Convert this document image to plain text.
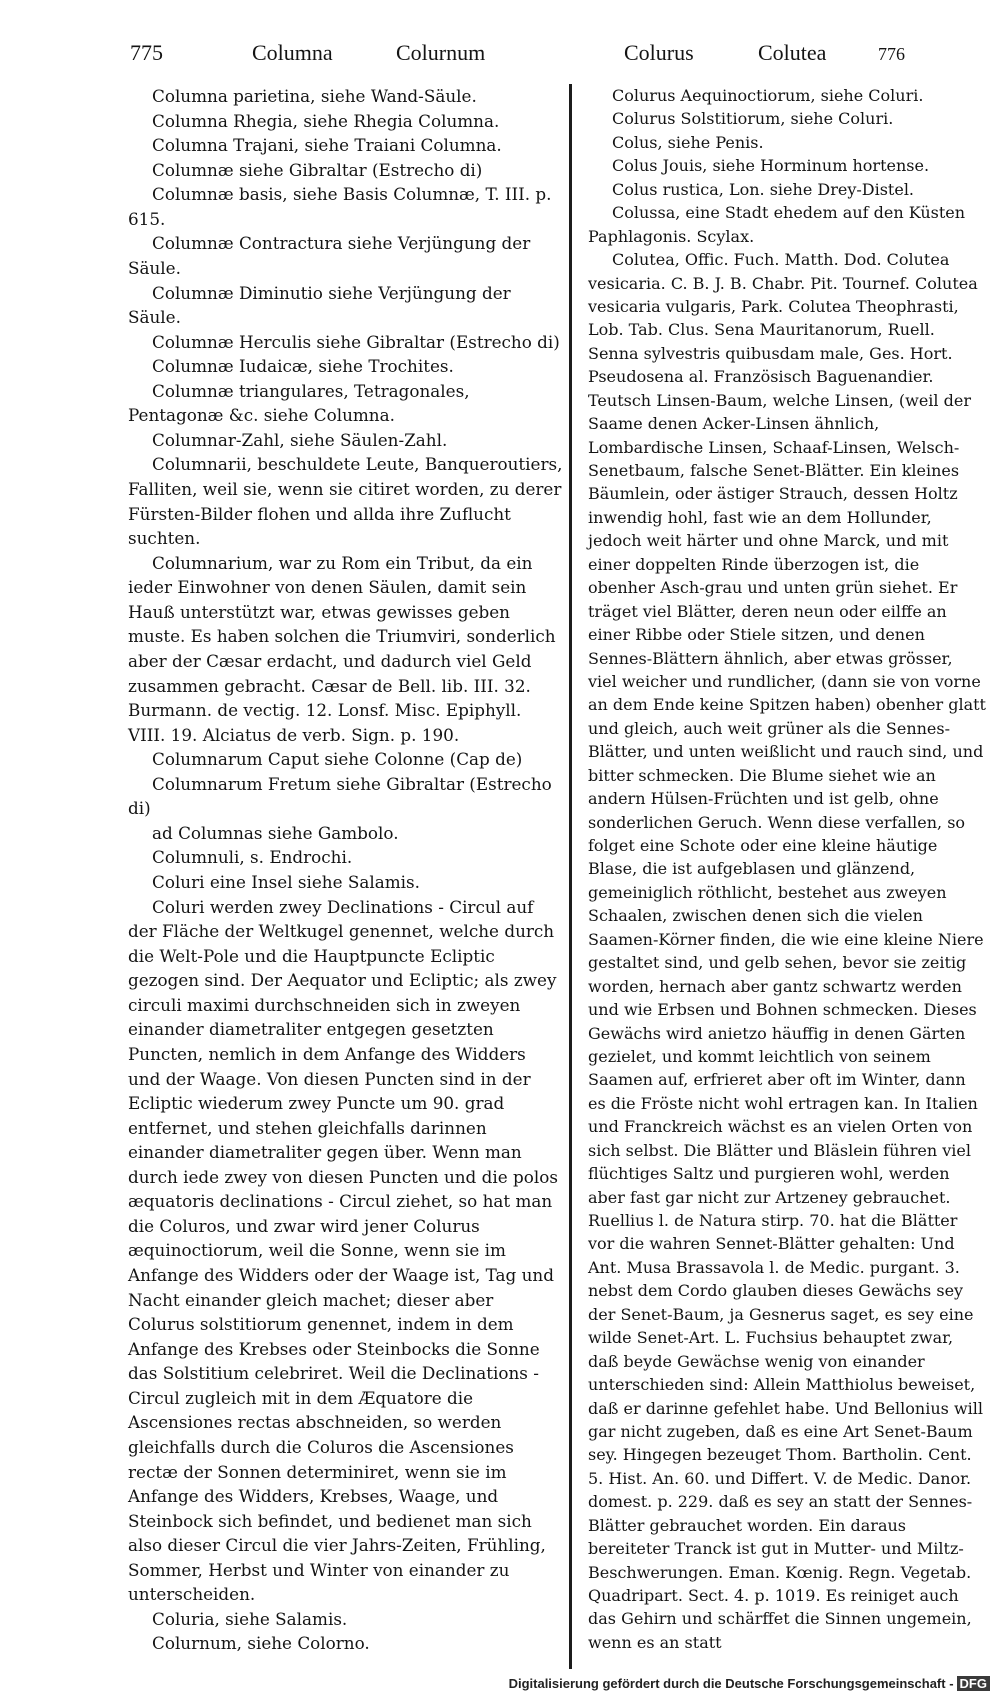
775	Columna	Colurnum	Colurus	Colutea	776

Columna parietina, siehe Wand-Säule.

Columna Rhegia, siehe Rhegia Columna.

Columna Trajani, siehe Traiani Columna.

Columnæ siehe Gibraltar (Estrecho di)

Columnæ basis, siehe Basis Columnæ, T. III. p. 615.

Columnæ Contractura siehe Verjüngung der Säule.

Columnæ Diminutio siehe Verjüngung der Säule.

Columnæ Herculis siehe Gibraltar (Estrecho di)

Columnæ Iudaicæ, siehe Trochites.

Columnæ triangulares, Tetragonales, Pentagonæ &c. siehe Columna.

Columnar-Zahl, siehe Säulen-Zahl.

Columnarii, beschuldete Leute, Banqueroutiers, Falliten, weil sie, wenn sie citiret worden, zu derer Fürsten-Bilder flohen und allda ihre Zuflucht suchten.

Columnarium, war zu Rom ein Tribut, da ein ieder Einwohner von denen Säulen, damit sein Hauß unterstützt war, etwas gewisses geben muste. Es haben solchen die Triumviri, sonderlich aber der Cæsar erdacht, und dadurch viel Geld zusammen gebracht. Cæsar de Bell. lib. III. 32. Burmann. de vectig. 12. Lonsf. Misc. Epiphyll. VIII. 19. Alciatus de verb. Sign. p. 190.

Columnarum Caput siehe Colonne (Cap de)

Columnarum Fretum siehe Gibraltar (Estrecho di)

ad Columnas siehe Gambolo.

Columnuli, s. Endrochi.

Coluri eine Insel siehe Salamis.

Coluri werden zwey Declinations - Circul auf der Fläche der Weltkugel genennet, welche durch die Welt-Pole und die Hauptpuncte Ecliptic gezogen sind. Der Aequator und Ecliptic; als zwey circuli maximi durchschneiden sich in zweyen einander diametraliter entgegen gesetzten Puncten, nemlich in dem Anfange des Widders und der Waage. Von diesen Puncten sind in der Ecliptic wiederum zwey Puncte um 90. grad entfernet, und stehen gleichfalls darinnen einander diametraliter gegen über. Wenn man durch iede zwey von diesen Puncten und die polos æquatoris declinations - Circul ziehet, so hat man die Coluros, und zwar wird jener Colurus æquinoctiorum, weil die Sonne, wenn sie im Anfange des Widders oder der Waage ist, Tag und Nacht einander gleich machet; dieser aber Colurus solstitiorum genennet, indem in dem Anfange des Krebses oder Steinbocks die Sonne das Solstitium celebriret. Weil die Declinations - Circul zugleich mit in dem Æquatore die Ascensiones rectas abschneiden, so werden gleichfalls durch die Coluros die Ascensiones rectæ der Sonnen determiniret, wenn sie im Anfange des Widders, Krebses, Waage, und Steinbock sich befindet, und bedienet man sich also dieser Circul die vier Jahrs-Zeiten, Frühling, Sommer, Herbst und Winter von einander zu unterscheiden.

Coluria, siehe Salamis.

Colurnum, siehe Colorno.

Colurus Aequinoctiorum, siehe Coluri.

Colurus Solstitiorum, siehe Coluri.

Colus, siehe Penis.

Colus Jouis, siehe Horminum hortense.

Colus rustica, Lon. siehe Drey-Distel.

Colussa, eine Stadt ehedem auf den Küsten Paphlagonis. Scylax.

Colutea, Offic. Fuch. Matth. Dod. Colutea vesicaria. C. B. J. B. Chabr. Pit. Tournef. Colutea vesicaria vulgaris, Park. Colutea Theophrasti, Lob. Tab. Clus. Sena Mauritanorum, Ruell. Senna sylvestris quibusdam male, Ges. Hort. Pseudosena al. Französisch Baguenandier. Teutsch Linsen-Baum, welche Linsen, (weil der Saame denen Acker-Linsen ähnlich, Lombardische Linsen, Schaaf-Linsen, Welsch-Senetbaum, falsche Senet-Blätter. Ein kleines Bäumlein, oder ästiger Strauch, dessen Holtz inwendig hohl, fast wie an dem Hollunder, jedoch weit härter und ohne Marck, und mit einer doppelten Rinde überzogen ist, die obenher Asch-grau und unten grün siehet. Er träget viel Blätter, deren neun oder eilffe an einer Ribbe oder Stiele sitzen, und denen Sennes-Blättern ähnlich, aber etwas grösser, viel weicher und rundlicher, (dann sie von vorne an dem Ende keine Spitzen haben) obenher glatt und gleich, auch weit grüner als die Sennes-Blätter, und unten weißlicht und rauch sind, und bitter schmecken. Die Blume siehet wie an andern Hülsen-Früchten und ist gelb, ohne sonderlichen Geruch. Wenn diese verfallen, so folget eine Schote oder eine kleine häutige Blase, die ist aufgeblasen und glänzend, gemeiniglich röthlicht, bestehet aus zweyen Schaalen, zwischen denen sich die vielen Saamen-Körner finden, die wie eine kleine Niere gestaltet sind, und gelb sehen, bevor sie zeitig worden, hernach aber gantz schwartz werden und wie Erbsen und Bohnen schmecken. Dieses Gewächs wird anietzo häuffig in denen Gärten gezielet, und kommt leichtlich von seinem Saamen auf, erfrieret aber oft im Winter, dann es die Fröste nicht wohl ertragen kan. In Italien und Franckreich wächst es an vielen Orten von sich selbst. Die Blätter und Bläslein führen viel flüchtiges Saltz und purgieren wohl, werden aber fast gar nicht zur Artzeney gebrauchet. Ruellius l. de Natura stirp. 70. hat die Blätter vor die wahren Sennet-Blätter gehalten: Und Ant. Musa Brassavola l. de Medic. purgant. 3. nebst dem Cordo glauben dieses Gewächs sey der Senet-Baum, ja Gesnerus saget, es sey eine wilde Senet-Art. L. Fuchsius behauptet zwar, daß beyde Gewächse wenig von einander unterschieden sind: Allein Matthiolus beweiset, daß er darinne gefehlet habe. Und Bellonius will gar nicht zugeben, daß es eine Art Senet-Baum sey. Hingegen bezeuget Thom. Bartholin. Cent. 5. Hist. An. 60. und Differt. V. de Medic. Danor. domest. p. 229. daß es sey an statt der Sennes-Blätter gebrauchet worden. Ein daraus bereiteter Tranck ist gut in Mutter- und Miltz-Beschwerungen. Eman. Kœnig. Regn. Vegetab. Quadripart. Sect. 4. p. 1019. Es reiniget auch das Gehirn und schärffet die Sinnen ungemein, wenn es an statt

Digitalisierung gefördert durch die Deutsche Forschungsgemeinschaft - DFG
